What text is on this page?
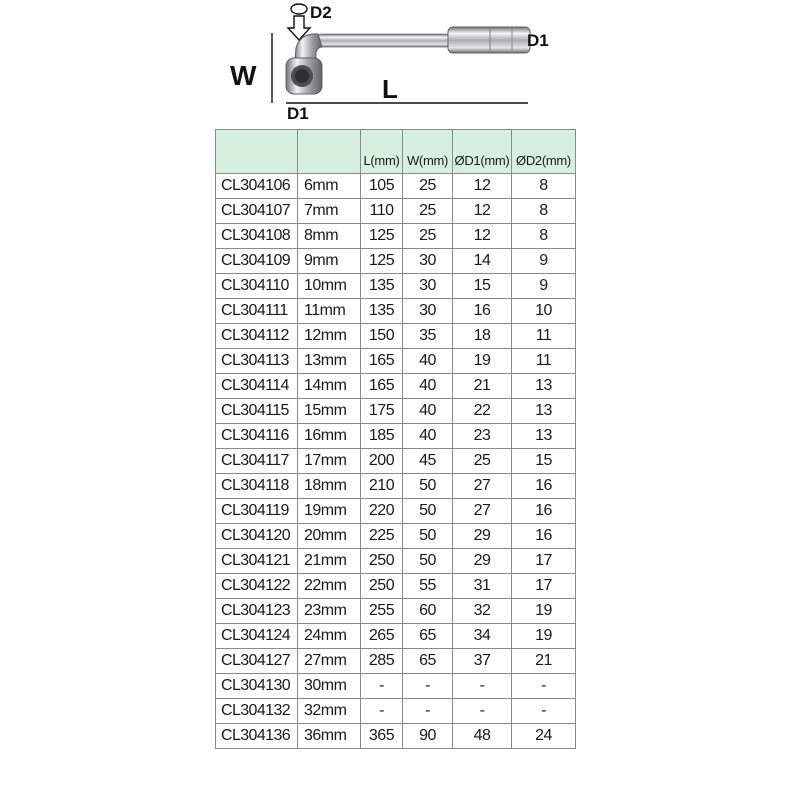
W	L
D1
D1
D2
		L(mm)	W(mm)	ØD1(mm)	ØD2(mm)
CL304106	6mm	105	25	12	8
CL304107	7mm	110	25	12	8
CL304108	8mm	125	25	12	8
CL304109	9mm	125	30	14	9
CL304110	10mm	135	30	15	9
CL304111	11mm	135	30	16	10
CL304112	12mm	150	35	18	11
CL304113	13mm	165	40	19	11
CL304114	14mm	165	40	21	13
CL304115	15mm	175	40	22	13
CL304116	16mm	185	40	23	13
CL304117	17mm	200	45	25	15
CL304118	18mm	210	50	27	16
CL304119	19mm	220	50	27	16
CL304120	20mm	225	50	29	16
CL304121	21mm	250	50	29	17
CL304122	22mm	250	55	31	17
CL304123	23mm	255	60	32	19
CL304124	24mm	265	65	34	19
CL304127	27mm	285	65	37	21
CL304130	30mm	-	-	-	-
CL304132	32mm	-	-	-	-
CL304136	36mm	365	90	48	24
